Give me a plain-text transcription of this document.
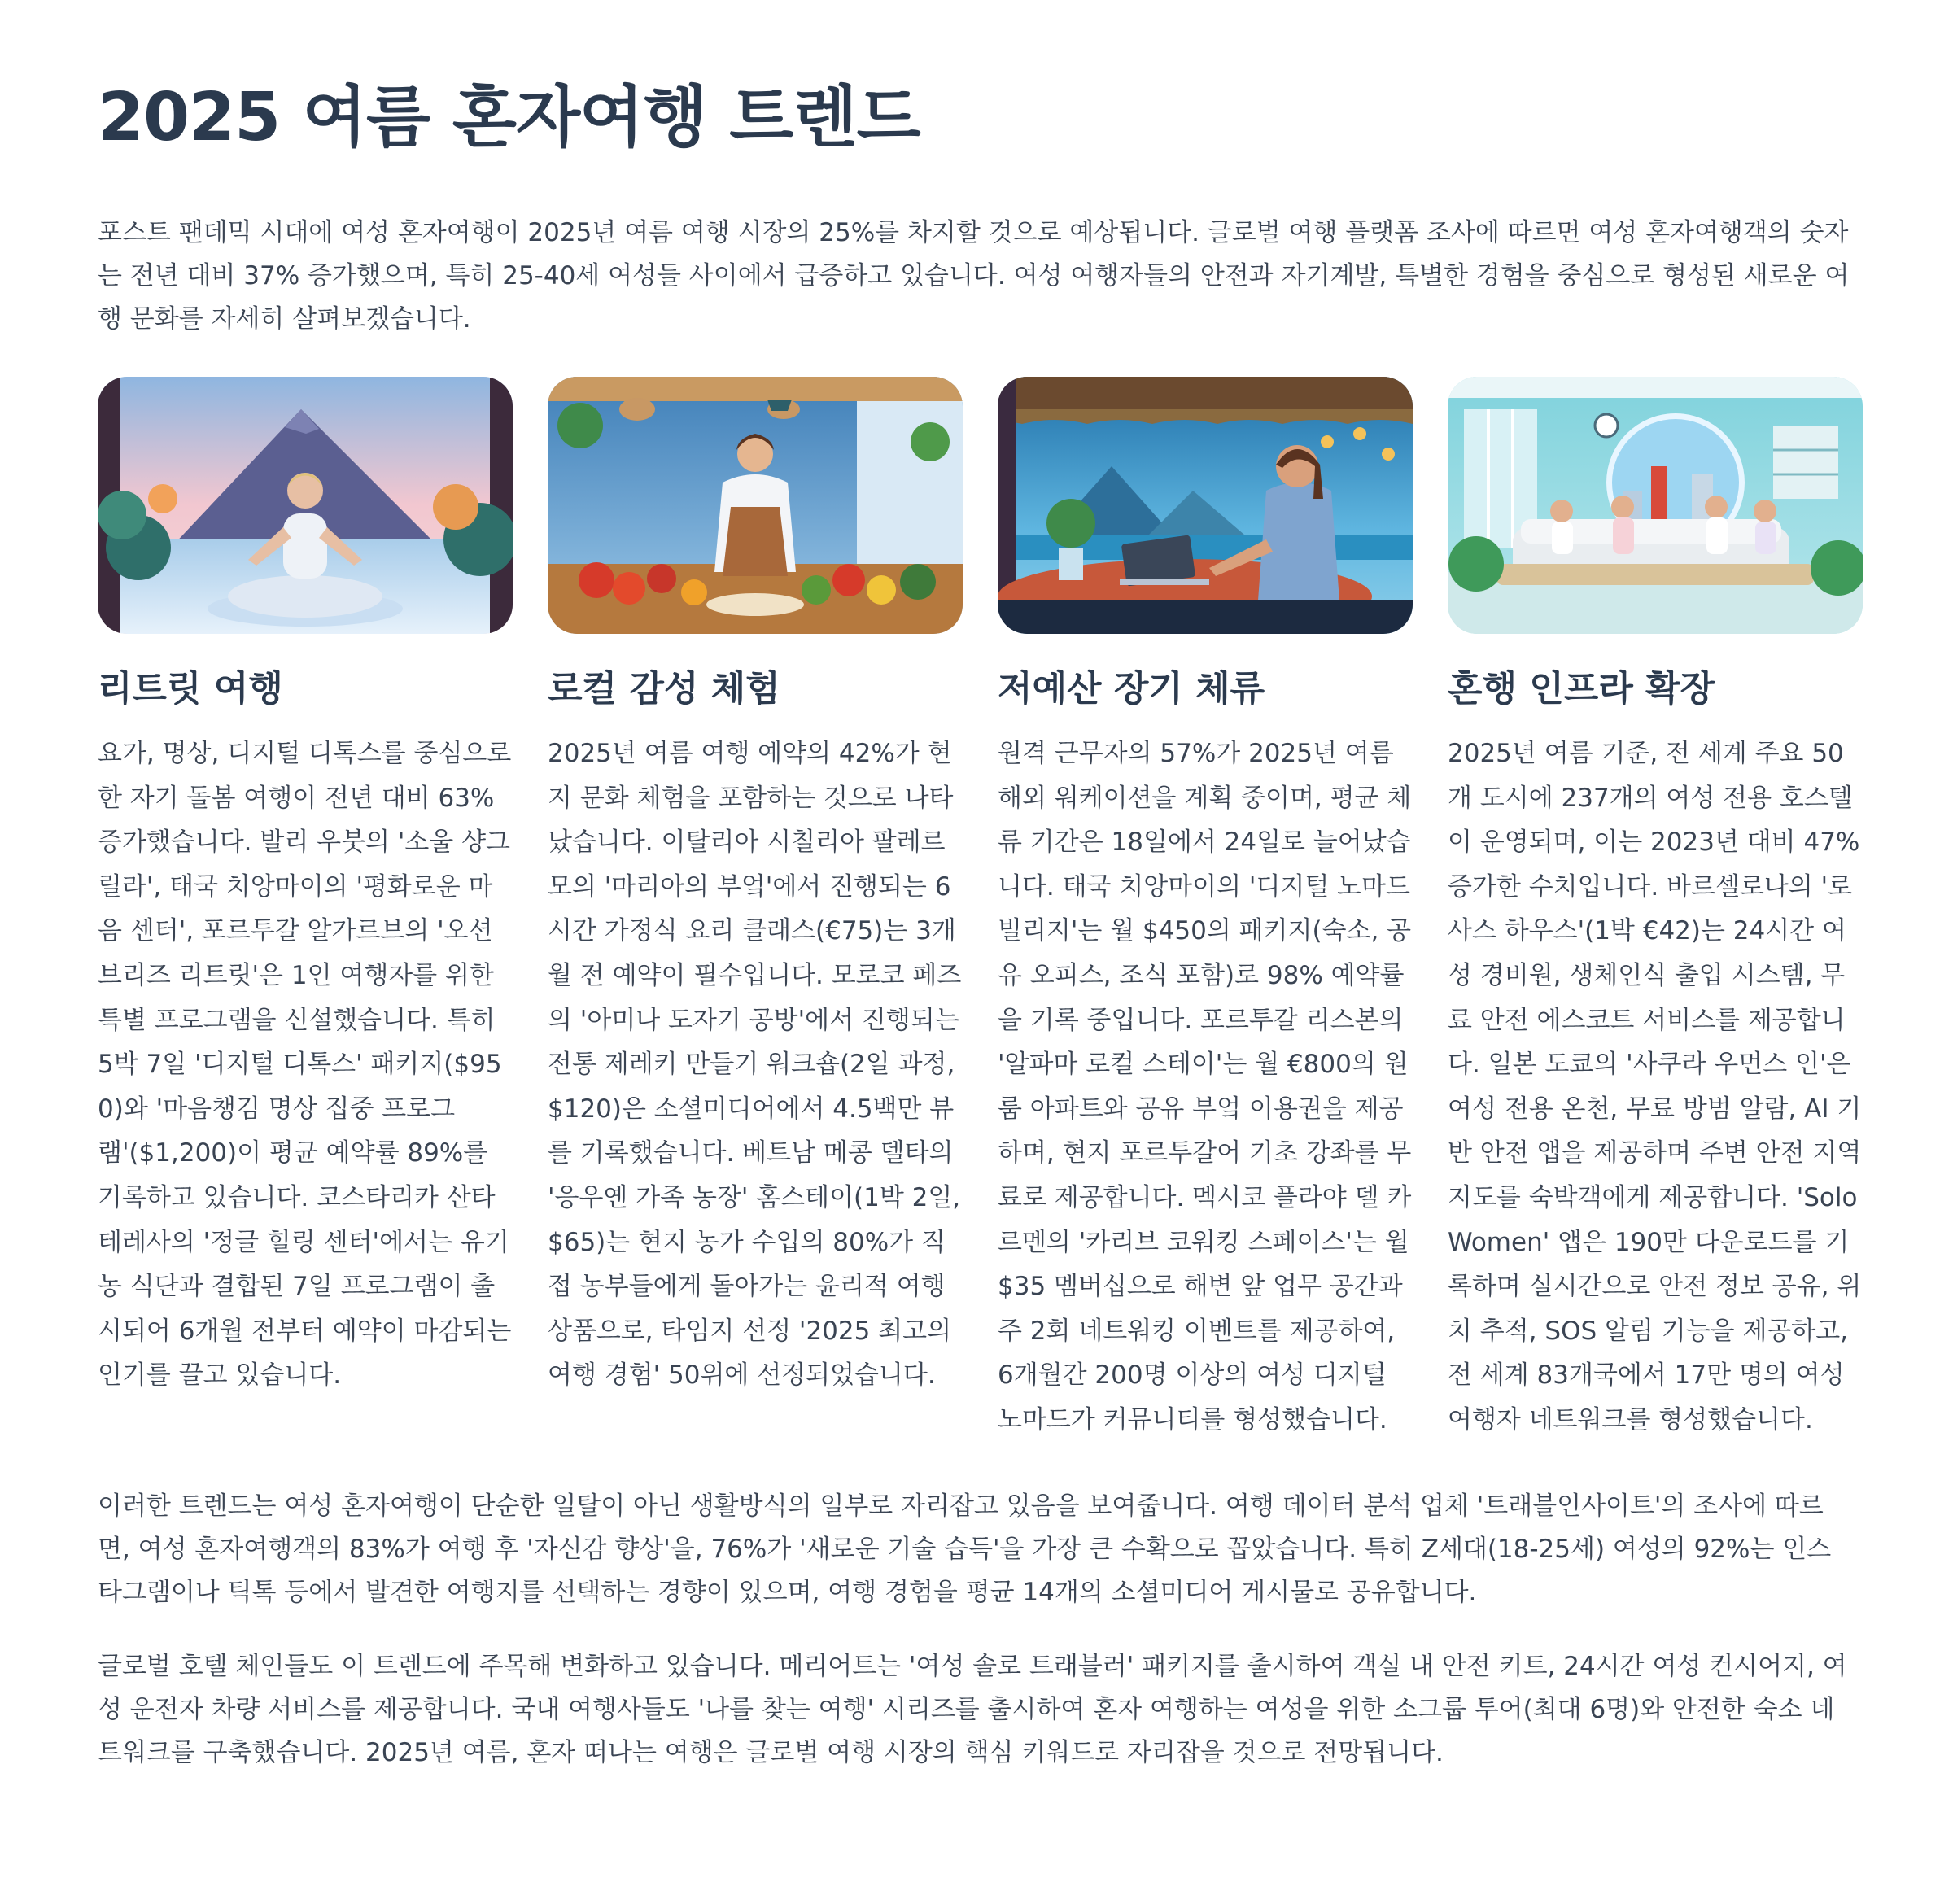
2025 여름 혼자여행 트렌드

포스트 팬데믹 시대에 여성 혼자여행이 2025년 여름 여행 시장의 25%를 차지할 것으로 예상됩니다. 글로벌 여행 플랫폼 조사에 따르면 여성 혼자여행객의 숫자는 전년 대비 37% 증가했으며, 특히 25-40세 여성들 사이에서 급증하고 있습니다. 여성 여행자들의 안전과 자기계발, 특별한 경험을 중심으로 형성된 새로운 여행 문화를 자세히 살펴보겠습니다.

리트릿 여행

요가, 명상, 디지털 디톡스를 중심으로 한 자기 돌봄 여행이 전년 대비 63% 증가했습니다. 발리 우붓의 '소울 샹그릴라', 태국 치앙마이의 '평화로운 마음 센터', 포르투갈 알가르브의 '오션 브리즈 리트릿'은 1인 여행자를 위한 특별 프로그램을 신설했습니다. 특히 5박 7일 '디지털 디톡스' 패키지($950)와 '마음챙김 명상 집중 프로그램'($1,200)이 평균 예약률 89%를 기록하고 있습니다. 코스타리카 산타 테레사의 '정글 힐링 센터'에서는 유기농 식단과 결합된 7일 프로그램이 출시되어 6개월 전부터 예약이 마감되는 인기를 끌고 있습니다.

로컬 감성 체험

2025년 여름 여행 예약의 42%가 현지 문화 체험을 포함하는 것으로 나타났습니다. 이탈리아 시칠리아 팔레르모의 '마리아의 부엌'에서 진행되는 6시간 가정식 요리 클래스(€75)는 3개월 전 예약이 필수입니다. 모로코 페즈의 '아미나 도자기 공방'에서 진행되는 전통 제레키 만들기 워크숍(2일 과정, $120)은 소셜미디어에서 4.5백만 뷰를 기록했습니다. 베트남 메콩 델타의 '응우옌 가족 농장' 홈스테이(1박 2일, $65)는 현지 농가 수입의 80%가 직접 농부들에게 돌아가는 윤리적 여행 상품으로, 타임지 선정 '2025 최고의 여행 경험' 50위에 선정되었습니다.

저예산 장기 체류

원격 근무자의 57%가 2025년 여름 해외 워케이션을 계획 중이며, 평균 체류 기간은 18일에서 24일로 늘어났습니다. 태국 치앙마이의 '디지털 노마드 빌리지'는 월 $450의 패키지(숙소, 공유 오피스, 조식 포함)로 98% 예약률을 기록 중입니다. 포르투갈 리스본의 '알파마 로컬 스테이'는 월 €800의 원룸 아파트와 공유 부엌 이용권을 제공하며, 현지 포르투갈어 기초 강좌를 무료로 제공합니다. 멕시코 플라야 델 카르멘의 '카리브 코워킹 스페이스'는 월 $35 멤버십으로 해변 앞 업무 공간과 주 2회 네트워킹 이벤트를 제공하여, 6개월간 200명 이상의 여성 디지털 노마드가 커뮤니티를 형성했습니다.

혼행 인프라 확장

2025년 여름 기준, 전 세계 주요 50개 도시에 237개의 여성 전용 호스텔이 운영되며, 이는 2023년 대비 47% 증가한 수치입니다. 바르셀로나의 '로사스 하우스'(1박 €42)는 24시간 여성 경비원, 생체인식 출입 시스템, 무료 안전 에스코트 서비스를 제공합니다. 일본 도쿄의 '사쿠라 우먼스 인'은 여성 전용 온천, 무료 방범 알람, AI 기반 안전 앱을 제공하며 주변 안전 지역 지도를 숙박객에게 제공합니다. 'SoloWomen' 앱은 190만 다운로드를 기록하며 실시간으로 안전 정보 공유, 위치 추적, SOS 알림 기능을 제공하고, 전 세계 83개국에서 17만 명의 여성 여행자 네트워크를 형성했습니다.

이러한 트렌드는 여성 혼자여행이 단순한 일탈이 아닌 생활방식의 일부로 자리잡고 있음을 보여줍니다. 여행 데이터 분석 업체 '트래블인사이트'의 조사에 따르면, 여성 혼자여행객의 83%가 여행 후 '자신감 향상'을, 76%가 '새로운 기술 습득'을 가장 큰 수확으로 꼽았습니다. 특히 Z세대(18-25세) 여성의 92%는 인스타그램이나 틱톡 등에서 발견한 여행지를 선택하는 경향이 있으며, 여행 경험을 평균 14개의 소셜미디어 게시물로 공유합니다.

글로벌 호텔 체인들도 이 트렌드에 주목해 변화하고 있습니다. 메리어트는 '여성 솔로 트래블러' 패키지를 출시하여 객실 내 안전 키트, 24시간 여성 컨시어지, 여성 운전자 차량 서비스를 제공합니다. 국내 여행사들도 '나를 찾는 여행' 시리즈를 출시하여 혼자 여행하는 여성을 위한 소그룹 투어(최대 6명)와 안전한 숙소 네트워크를 구축했습니다. 2025년 여름, 혼자 떠나는 여행은 글로벌 여행 시장의 핵심 키워드로 자리잡을 것으로 전망됩니다.
